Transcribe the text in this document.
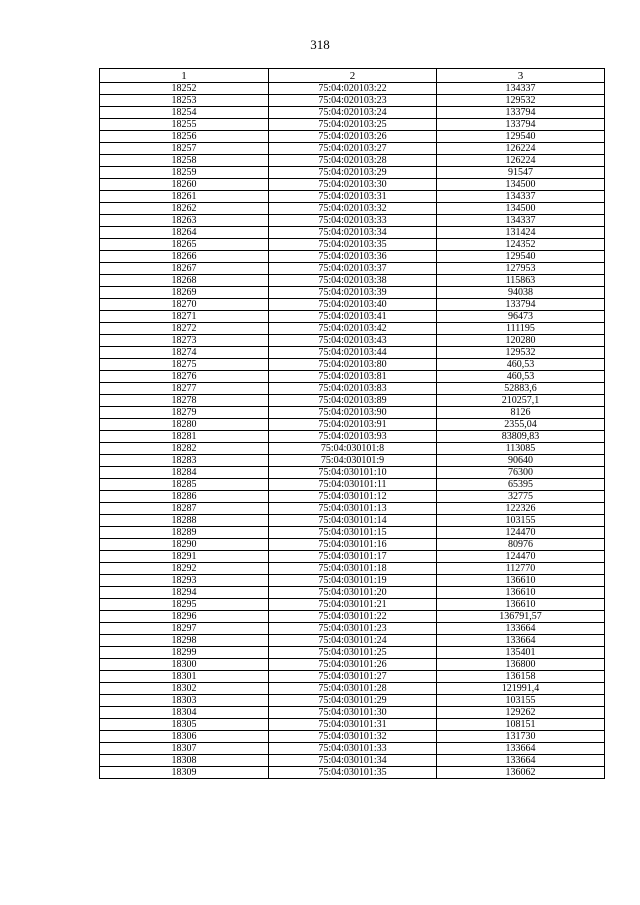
318
1	2	3
18252	75:04:020103:22	134337
18253	75:04:020103:23	129532
18254	75:04:020103:24	133794
18255	75:04:020103:25	133794
18256	75:04:020103:26	129540
18257	75:04:020103:27	126224
18258	75:04:020103:28	126224
18259	75:04:020103:29	91547
18260	75:04:020103:30	134500
18261	75:04:020103:31	134337
18262	75:04:020103:32	134500
18263	75:04:020103:33	134337
18264	75:04:020103:34	131424
18265	75:04:020103:35	124352
18266	75:04:020103:36	129540
18267	75:04:020103:37	127953
18268	75:04:020103:38	115863
18269	75:04:020103:39	94038
18270	75:04:020103:40	133794
18271	75:04:020103:41	96473
18272	75:04:020103:42	111195
18273	75:04:020103:43	120280
18274	75:04:020103:44	129532
18275	75:04:020103:80	460,53
18276	75:04:020103:81	460,53
18277	75:04:020103:83	52883,6
18278	75:04:020103:89	210257,1
18279	75:04:020103:90	8126
18280	75:04:020103:91	2355,04
18281	75:04:020103:93	83809,83
18282	75:04:030101:8	113085
18283	75:04:030101:9	90640
18284	75:04:030101:10	76300
18285	75:04:030101:11	65395
18286	75:04:030101:12	32775
18287	75:04:030101:13	122326
18288	75:04:030101:14	103155
18289	75:04:030101:15	124470
18290	75:04:030101:16	80976
18291	75:04:030101:17	124470
18292	75:04:030101:18	112770
18293	75:04:030101:19	136610
18294	75:04:030101:20	136610
18295	75:04:030101:21	136610
18296	75:04:030101:22	136791,57
18297	75:04:030101:23	133664
18298	75:04:030101:24	133664
18299	75:04:030101:25	135401
18300	75:04:030101:26	136800
18301	75:04:030101:27	136158
18302	75:04:030101:28	121991,4
18303	75:04:030101:29	103155
18304	75:04:030101:30	129262
18305	75:04:030101:31	108151
18306	75:04:030101:32	131730
18307	75:04:030101:33	133664
18308	75:04:030101:34	133664
18309	75:04:030101:35	136062
